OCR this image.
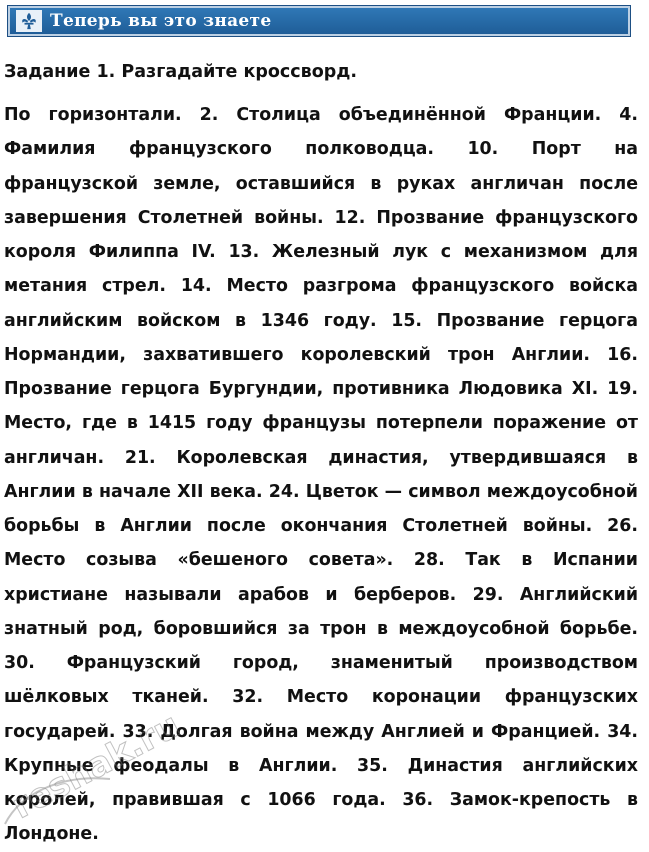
Теперь вы это знаете
Задание 1. Разгадайте кроссворд.
По горизонтали. 2. Столица объединённой Франции. 4. Фамилия французского полководца. 10. Порт на французской земле, оставшийся в руках англичан после завершения Столетней войны. 12. Прозвание французского короля Филиппа IV. 13. Железный лук с механизмом для метания стрел. 14. Место разгрома французского войска английским войском в 1346 году. 15. Прозвание герцога Нормандии, захватившего королевский трон Англии. 16. Прозвание герцога Бургундии, противника Людовика XI. 19. Место, где в 1415 году французы потерпели поражение от англичан. 21. Королевская династия, утвердившаяся в Англии в начале XII века. 24. Цветок — символ междоусобной борьбы в Англии после окончания Столетней войны. 26. Место созыва «бешеного совета». 28. Так в Испании христиане называли арабов и берберов. 29. Английский знатный род, боровшийся за трон в междоусобной борьбе. 30. Французский город, знаменитый производством шёлковых тканей. 32. Место коронации французских государей. 33. Долгая война между Англией и Францией. 34. Крупные феодалы в Англии. 35. Династия английских королей, правившая с 1066 года. 36. Замок-крепость в Лондоне.
reshak.ru
